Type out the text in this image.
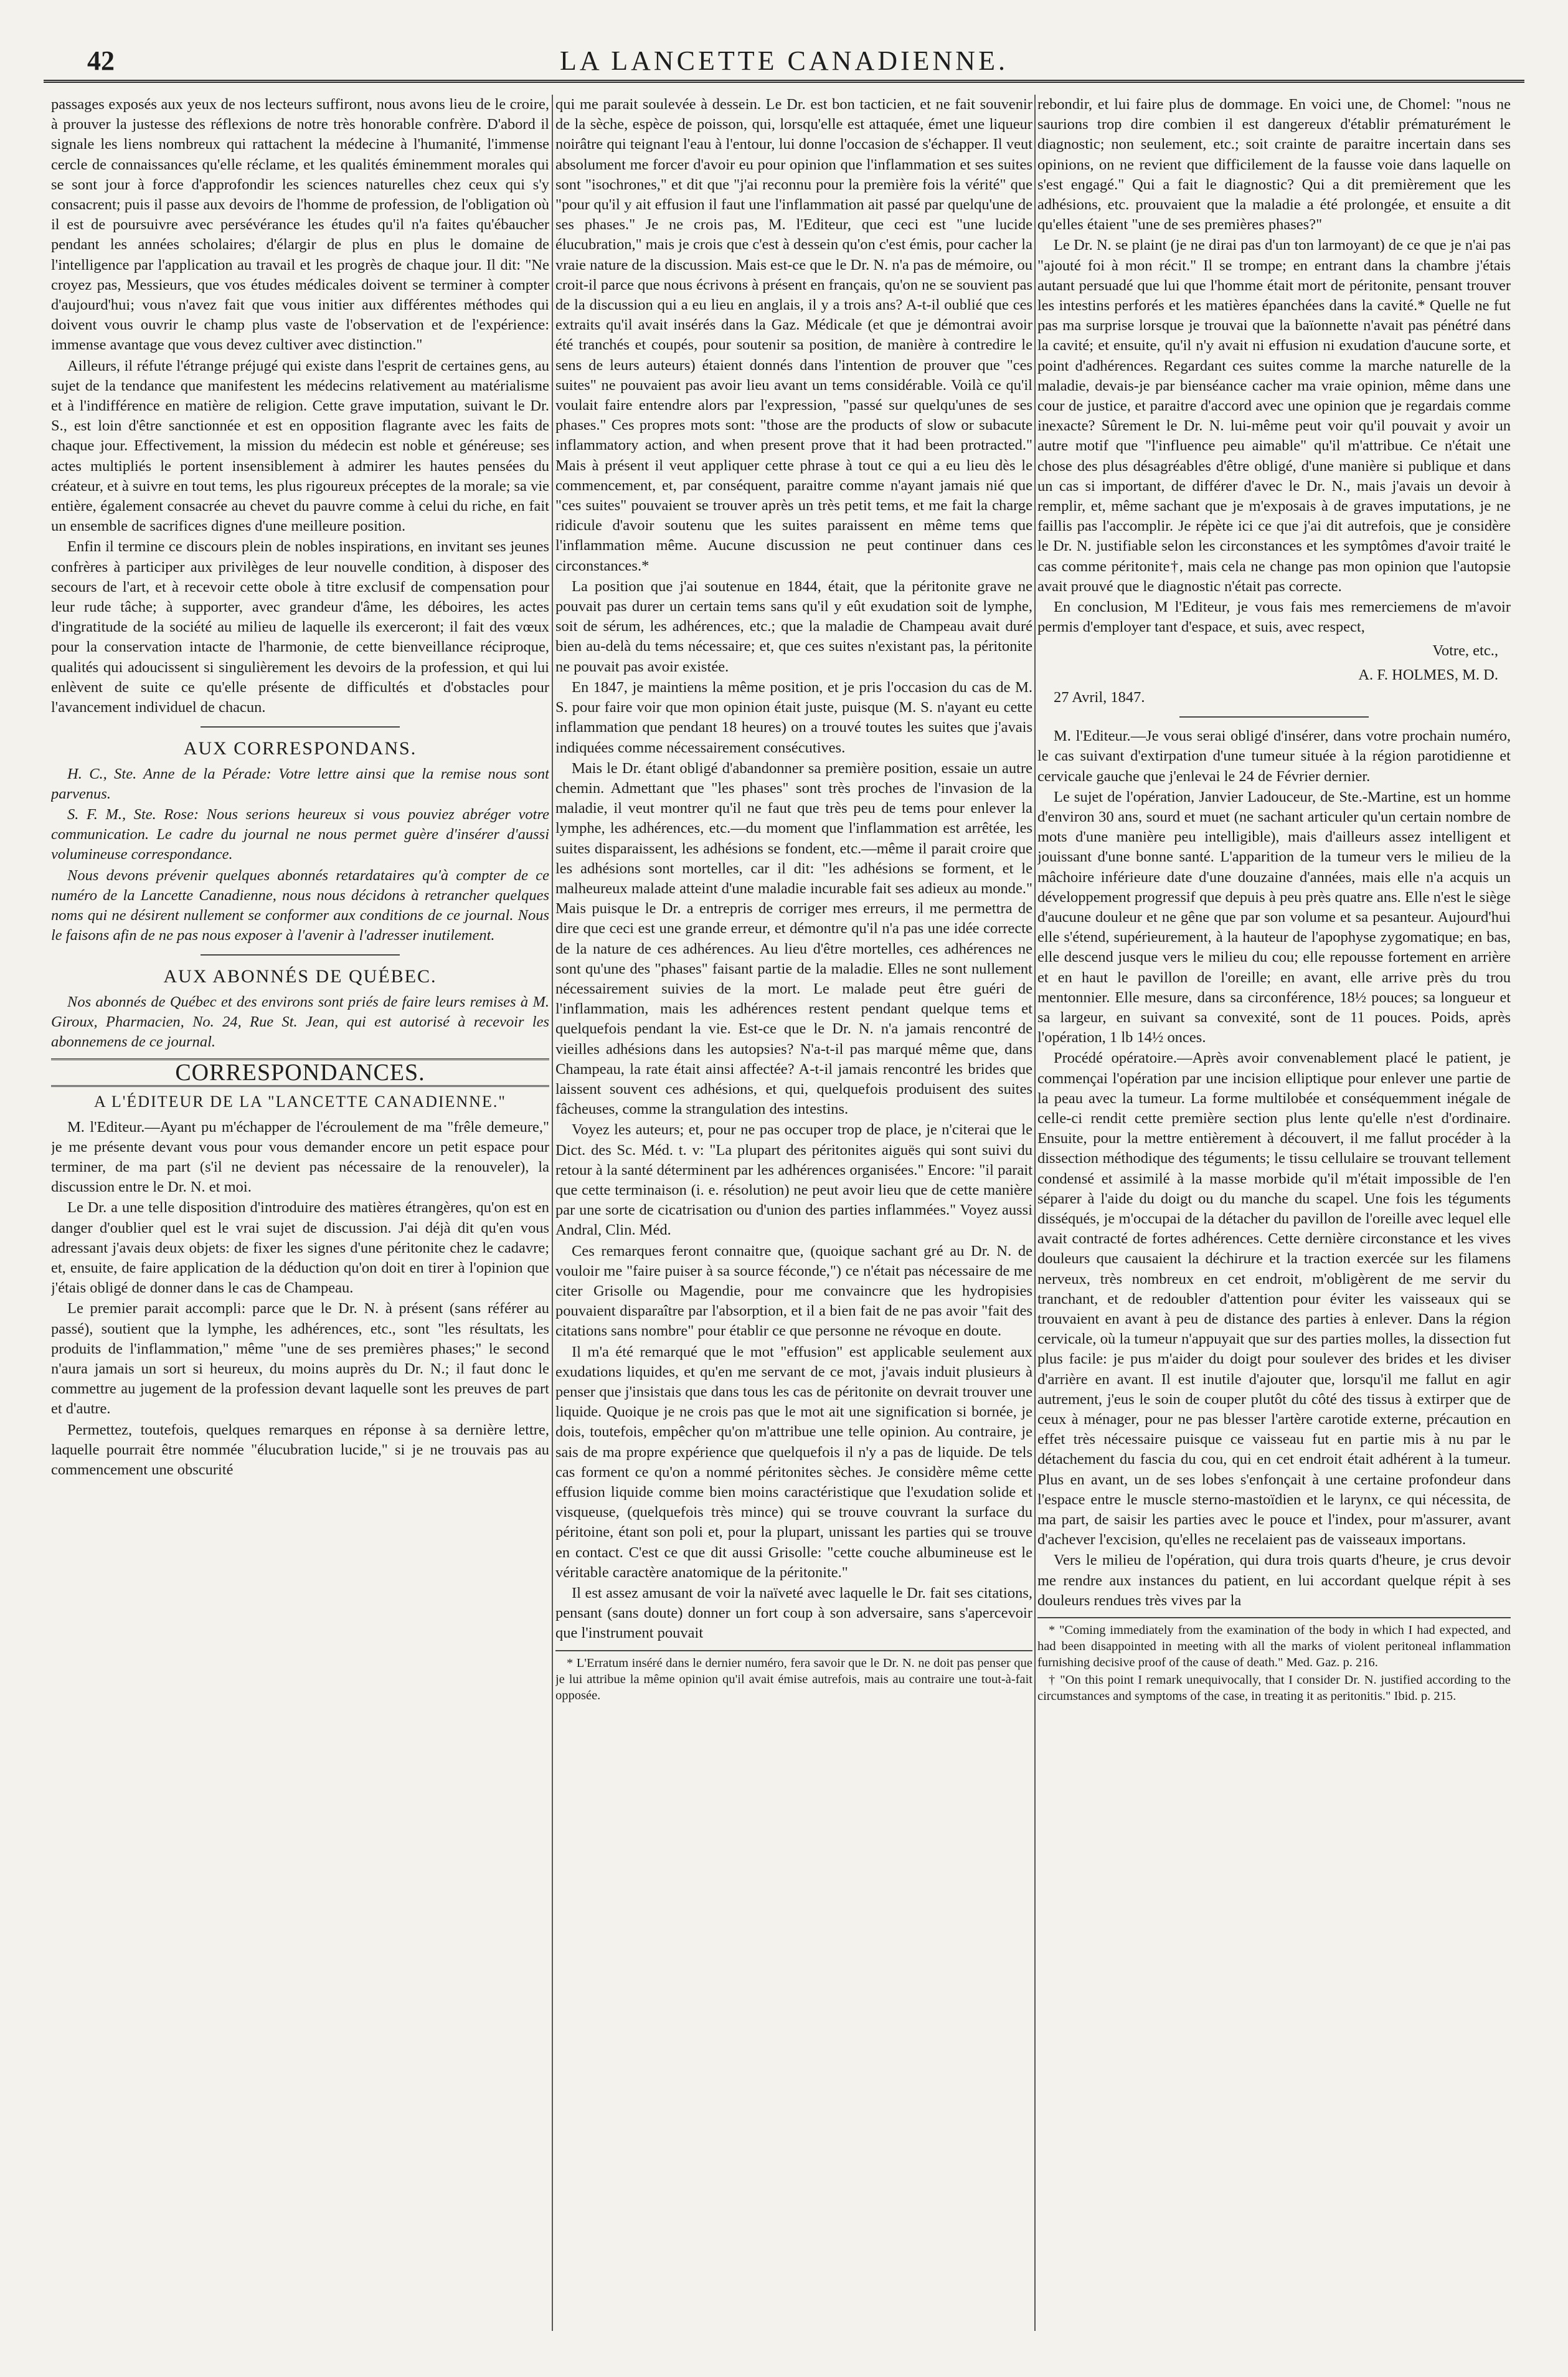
42	LA LANCETTE CANADIENNE.

passages exposés aux yeux de nos lecteurs suffiront, nous avons lieu de le croire, à prouver la justesse des réflexions de notre très honorable confrère. D'abord il signale les liens nombreux qui rattachent la médecine à l'humanité, l'immense cercle de connaissances qu'elle réclame, et les qualités éminemment morales qui se sont jour à force d'approfondir les sciences naturelles chez ceux qui s'y consacrent; puis il passe aux devoirs de l'homme de profession, de l'obligation où il est de poursuivre avec persévérance les études qu'il n'a faites qu'ébaucher pendant les années scholaires; d'élargir de plus en plus le domaine de l'intelligence par l'application au travail et les progrès de chaque jour. Il dit: "Ne croyez pas, Messieurs, que vos études médicales doivent se terminer à compter d'aujourd'hui; vous n'avez fait que vous initier aux différentes méthodes qui doivent vous ouvrir le champ plus vaste de l'observation et de l'expérience: immense avantage que vous devez cultiver avec distinction."

Ailleurs, il réfute l'étrange préjugé qui existe dans l'esprit de certaines gens, au sujet de la tendance que manifestent les médecins relativement au matérialisme et à l'indifférence en matière de religion. Cette grave imputation, suivant le Dr. S., est loin d'être sanctionnée et est en opposition flagrante avec les faits de chaque jour. Effectivement, la mission du médecin est noble et généreuse; ses actes multipliés le portent insensiblement à admirer les hautes pensées du créateur, et à suivre en tout tems, les plus rigoureux préceptes de la morale; sa vie entière, également consacrée au chevet du pauvre comme à celui du riche, en fait un ensemble de sacrifices dignes d'une meilleure position.

Enfin il termine ce discours plein de nobles inspirations, en invitant ses jeunes confrères à participer aux privilèges de leur nouvelle condition, à disposer des secours de l'art, et à recevoir cette obole à titre exclusif de compensation pour leur rude tâche; à supporter, avec grandeur d'âme, les déboires, les actes d'ingratitude de la société au milieu de laquelle ils exerceront; il fait des vœux pour la conservation intacte de l'harmonie, de cette bienveillance réciproque, qualités qui adoucissent si singulièrement les devoirs de la profession, et qui lui enlèvent de suite ce qu'elle présente de difficultés et d'obstacles pour l'avancement individuel de chacun.

AUX CORRESPONDANS.

H. C., Ste. Anne de la Pérade: Votre lettre ainsi que la remise nous sont parvenus.

S. F. M., Ste. Rose: Nous serions heureux si vous pouviez abréger votre communication. Le cadre du journal ne nous permet guère d'insérer d'aussi volumineuse correspondance.

Nous devons prévenir quelques abonnés retardataires qu'à compter de ce numéro de la Lancette Canadienne, nous nous décidons à retrancher quelques noms qui ne désirent nullement se conformer aux conditions de ce journal. Nous le faisons afin de ne pas nous exposer à l'avenir à l'adresser inutilement.

AUX ABONNÉS DE QUÉBEC.

Nos abonnés de Québec et des environs sont priés de faire leurs remises à M. Giroux, Pharmacien, No. 24, Rue St. Jean, qui est autorisé à recevoir les abonnemens de ce journal.

CORRESPONDANCES.
A L'ÉDITEUR DE LA "LANCETTE CANADIENNE."

M. l'Editeur.—Ayant pu m'échapper de l'écroulement de ma "frêle demeure," je me présente devant vous pour vous demander encore un petit espace pour terminer, de ma part (s'il ne devient pas nécessaire de la renouveler), la discussion entre le Dr. N. et moi.

Le Dr. a une telle disposition d'introduire des matières étrangères, qu'on est en danger d'oublier quel est le vrai sujet de discussion. J'ai déjà dit qu'en vous adressant j'avais deux objets: de fixer les signes d'une péritonite chez le cadavre; et, ensuite, de faire application de la déduction qu'on doit en tirer à l'opinion que j'étais obligé de donner dans le cas de Champeau.

Le premier parait accompli: parce que le Dr. N. à présent (sans référer au passé), soutient que la lymphe, les adhérences, etc., sont "les résultats, les produits de l'inflammation," même "une de ses premières phases;" le second n'aura jamais un sort si heureux, du moins auprès du Dr. N.; il faut donc le commettre au jugement de la profession devant laquelle sont les preuves de part et d'autre.

Permettez, toutefois, quelques remarques en réponse à sa dernière lettre, laquelle pourrait être nommée "élucubration lucide," si je ne trouvais pas au commencement une obscurité

qui me parait soulevée à dessein. Le Dr. est bon tacticien, et ne fait souvenir de la sèche, espèce de poisson, qui, lorsqu'elle est attaquée, émet une liqueur noirâtre qui teignant l'eau à l'entour, lui donne l'occasion de s'échapper. Il veut absolument me forcer d'avoir eu pour opinion que l'inflammation et ses suites sont "isochrones," et dit que "j'ai reconnu pour la première fois la vérité" que "pour qu'il y ait effusion il faut une l'inflammation ait passé par quelqu'une de ses phases." Je ne crois pas, M. l'Editeur, que ceci est "une lucide élucubration," mais je crois que c'est à dessein qu'on c'est émis, pour cacher la vraie nature de la discussion. Mais est-ce que le Dr. N. n'a pas de mémoire, ou croit-il parce que nous écrivons à présent en français, qu'on ne se souvient pas de la discussion qui a eu lieu en anglais, il y a trois ans? A-t-il oublié que ces extraits qu'il avait insérés dans la Gaz. Médicale (et que je démontrai avoir été tranchés et coupés, pour soutenir sa position, de manière à contredire le sens de leurs auteurs) étaient donnés dans l'intention de prouver que "ces suites" ne pouvaient pas avoir lieu avant un tems considérable. Voilà ce qu'il voulait faire entendre alors par l'expression, "passé sur quelqu'unes de ses phases." Ces propres mots sont: "those are the products of slow or subacute inflammatory action, and when present prove that it had been protracted." Mais à présent il veut appliquer cette phrase à tout ce qui a eu lieu dès le commencement, et, par conséquent, paraitre comme n'ayant jamais nié que "ces suites" pouvaient se trouver après un très petit tems, et me fait la charge ridicule d'avoir soutenu que les suites paraissent en même tems que l'inflammation même. Aucune discussion ne peut continuer dans ces circonstances.*

La position que j'ai soutenue en 1844, était, que la péritonite grave ne pouvait pas durer un certain tems sans qu'il y eût exudation soit de lymphe, soit de sérum, les adhérences, etc.; que la maladie de Champeau avait duré bien au-delà du tems nécessaire; et, que ces suites n'existant pas, la péritonite ne pouvait pas avoir existée.

En 1847, je maintiens la même position, et je pris l'occasion du cas de M. S. pour faire voir que mon opinion était juste, puisque (M. S. n'ayant eu cette inflammation que pendant 18 heures) on a trouvé toutes les suites que j'avais indiquées comme nécessairement consécutives.

Mais le Dr. étant obligé d'abandonner sa première position, essaie un autre chemin. Admettant que "les phases" sont très proches de l'invasion de la maladie, il veut montrer qu'il ne faut que très peu de tems pour enlever la lymphe, les adhérences, etc.—du moment que l'inflammation est arrêtée, les suites disparaissent, les adhésions se fondent, etc.—même il parait croire que les adhésions sont mortelles, car il dit: "les adhésions se forment, et le malheureux malade atteint d'une maladie incurable fait ses adieux au monde." Mais puisque le Dr. a entrepris de corriger mes erreurs, il me permettra de dire que ceci est une grande erreur, et démontre qu'il n'a pas une idée correcte de la nature de ces adhérences. Au lieu d'être mortelles, ces adhérences ne sont qu'une des "phases" faisant partie de la maladie. Elles ne sont nullement nécessairement suivies de la mort. Le malade peut être guéri de l'inflammation, mais les adhérences restent pendant quelque tems et quelquefois pendant la vie. Est-ce que le Dr. N. n'a jamais rencontré de vieilles adhésions dans les autopsies? N'a-t-il pas marqué même que, dans Champeau, la rate était ainsi affectée? A-t-il jamais rencontré les brides que laissent souvent ces adhésions, et qui, quelquefois produisent des suites fâcheuses, comme la strangulation des intestins.

Voyez les auteurs; et, pour ne pas occuper trop de place, je n'citerai que le Dict. des Sc. Méd. t. v: "La plupart des péritonites aiguës qui sont suivi du retour à la santé déterminent par les adhérences organisées." Encore: "il parait que cette terminaison (i. e. résolution) ne peut avoir lieu que de cette manière par une sorte de cicatrisation ou d'union des parties inflammées." Voyez aussi Andral, Clin. Méd.

Ces remarques feront connaitre que, (quoique sachant gré au Dr. N. de vouloir me "faire puiser à sa source féconde,") ce n'était pas nécessaire de me citer Grisolle ou Magendie, pour me convaincre que les hydropisies pouvaient disparaître par l'absorption, et il a bien fait de ne pas avoir "fait des citations sans nombre" pour établir ce que personne ne révoque en doute.

Il m'a été remarqué que le mot "effusion" est applicable seulement aux exudations liquides, et qu'en me servant de ce mot, j'avais induit plusieurs à penser que j'insistais que dans tous les cas de péritonite on devrait trouver une liquide. Quoique je ne crois pas que le mot ait une signification si bornée, je dois, toutefois, empêcher qu'on m'attribue une telle opinion. Au contraire, je sais de ma propre expérience que quelquefois il n'y a pas de liquide. De tels cas forment ce qu'on a nommé péritonites sèches. Je considère même cette effusion liquide comme bien moins caractéristique que l'exudation solide et visqueuse, (quelquefois très mince) qui se trouve couvrant la surface du péritoine, étant son poli et, pour la plupart, unissant les parties qui se trouve en contact. C'est ce que dit aussi Grisolle: "cette couche albumineuse est le véritable caractère anatomique de la péritonite."

Il est assez amusant de voir la naïveté avec laquelle le Dr. fait ses citations, pensant (sans doute) donner un fort coup à son adversaire, sans s'apercevoir que l'instrument pouvait

* L'Erratum inséré dans le dernier numéro, fera savoir que le Dr. N. ne doit pas penser que je lui attribue la même opinion qu'il avait émise autrefois, mais au contraire une tout-à-fait opposée.

rebondir, et lui faire plus de dommage. En voici une, de Chomel: "nous ne saurions trop dire combien il est dangereux d'établir prématurément le diagnostic; non seulement, etc.; soit crainte de paraitre incertain dans ses opinions, on ne revient que difficilement de la fausse voie dans laquelle on s'est engagé." Qui a fait le diagnostic? Qui a dit premièrement que les adhésions, etc. prouvaient que la maladie a été prolongée, et ensuite a dit qu'elles étaient "une de ses premières phases?"

Le Dr. N. se plaint (je ne dirai pas d'un ton larmoyant) de ce que je n'ai pas "ajouté foi à mon récit." Il se trompe; en entrant dans la chambre j'étais autant persuadé que lui que l'homme était mort de péritonite, pensant trouver les intestins perforés et les matières épanchées dans la cavité.* Quelle ne fut pas ma surprise lorsque je trouvai que la baïonnette n'avait pas pénétré dans la cavité; et ensuite, qu'il n'y avait ni effusion ni exudation d'aucune sorte, et point d'adhérences. Regardant ces suites comme la marche naturelle de la maladie, devais-je par bienséance cacher ma vraie opinion, même dans une cour de justice, et paraitre d'accord avec une opinion que je regardais comme inexacte? Sûrement le Dr. N. lui-même peut voir qu'il pouvait y avoir un autre motif que "l'influence peu aimable" qu'il m'attribue. Ce n'était une chose des plus désagréables d'être obligé, d'une manière si publique et dans un cas si important, de différer d'avec le Dr. N., mais j'avais un devoir à remplir, et, même sachant que je m'exposais à de graves imputations, je ne faillis pas l'accomplir. Je répète ici ce que j'ai dit autrefois, que je considère le Dr. N. justifiable selon les circonstances et les symptômes d'avoir traité le cas comme péritonite†, mais cela ne change pas mon opinion que l'autopsie avait prouvé que le diagnostic n'était pas correcte.

En conclusion, M l'Editeur, je vous fais mes remerciemens de m'avoir permis d'employer tant d'espace, et suis, avec respect,

Votre, etc.,
A. F. HOLMES, M. D.

27 Avril, 1847.

M. l'Editeur.—Je vous serai obligé d'insérer, dans votre prochain numéro, le cas suivant d'extirpation d'une tumeur située à la région parotidienne et cervicale gauche que j'enlevai le 24 de Février dernier.

Le sujet de l'opération, Janvier Ladouceur, de Ste.-Martine, est un homme d'environ 30 ans, sourd et muet (ne sachant articuler qu'un certain nombre de mots d'une manière peu intelligible), mais d'ailleurs assez intelligent et jouissant d'une bonne santé. L'apparition de la tumeur vers le milieu de la mâchoire inférieure date d'une douzaine d'années, mais elle n'a acquis un développement progressif que depuis à peu près quatre ans. Elle n'est le siège d'aucune douleur et ne gêne que par son volume et sa pesanteur. Aujourd'hui elle s'étend, supérieurement, à la hauteur de l'apophyse zygomatique; en bas, elle descend jusque vers le milieu du cou; elle repousse fortement en arrière et en haut le pavillon de l'oreille; en avant, elle arrive près du trou mentonnier. Elle mesure, dans sa circonférence, 18½ pouces; sa longueur et sa largeur, en suivant sa convexité, sont de 11 pouces. Poids, après l'opération, 1 lb 14½ onces.

Procédé opératoire.—Après avoir convenablement placé le patient, je commençai l'opération par une incision elliptique pour enlever une partie de la peau avec la tumeur. La forme multilobée et conséquemment inégale de celle-ci rendit cette première section plus lente qu'elle n'est d'ordinaire. Ensuite, pour la mettre entièrement à découvert, il me fallut procéder à la dissection méthodique des téguments; le tissu cellulaire se trouvant tellement condensé et assimilé à la masse morbide qu'il m'était impossible de l'en séparer à l'aide du doigt ou du manche du scapel. Une fois les téguments disséqués, je m'occupai de la détacher du pavillon de l'oreille avec lequel elle avait contracté de fortes adhérences. Cette dernière circonstance et les vives douleurs que causaient la déchirure et la traction exercée sur les filamens nerveux, très nombreux en cet endroit, m'obligèrent de me servir du tranchant, et de redoubler d'attention pour éviter les vaisseaux qui se trouvaient en avant à peu de distance des parties à enlever. Dans la région cervicale, où la tumeur n'appuyait que sur des parties molles, la dissection fut plus facile: je pus m'aider du doigt pour soulever des brides et les diviser d'arrière en avant. Il est inutile d'ajouter que, lorsqu'il me fallut en agir autrement, j'eus le soin de couper plutôt du côté des tissus à extirper que de ceux à ménager, pour ne pas blesser l'artère carotide externe, précaution en effet très nécessaire puisque ce vaisseau fut en partie mis à nu par le détachement du fascia du cou, qui en cet endroit était adhérent à la tumeur. Plus en avant, un de ses lobes s'enfonçait à une certaine profondeur dans l'espace entre le muscle sterno-mastoïdien et le larynx, ce qui nécessita, de ma part, de saisir les parties avec le pouce et l'index, pour m'assurer, avant d'achever l'excision, qu'elles ne recelaient pas de vaisseaux importans.

Vers le milieu de l'opération, qui dura trois quarts d'heure, je crus devoir me rendre aux instances du patient, en lui accordant quelque répit à ses douleurs rendues très vives par la

* "Coming immediately from the examination of the body in which I had expected, and had been disappointed in meeting with all the marks of violent peritoneal inflammation furnishing decisive proof of the cause of death." Med. Gaz. p. 216.

† "On this point I remark unequivocally, that I consider Dr. N. justified according to the circumstances and symptoms of the case, in treating it as peritonitis." Ibid. p. 215.
